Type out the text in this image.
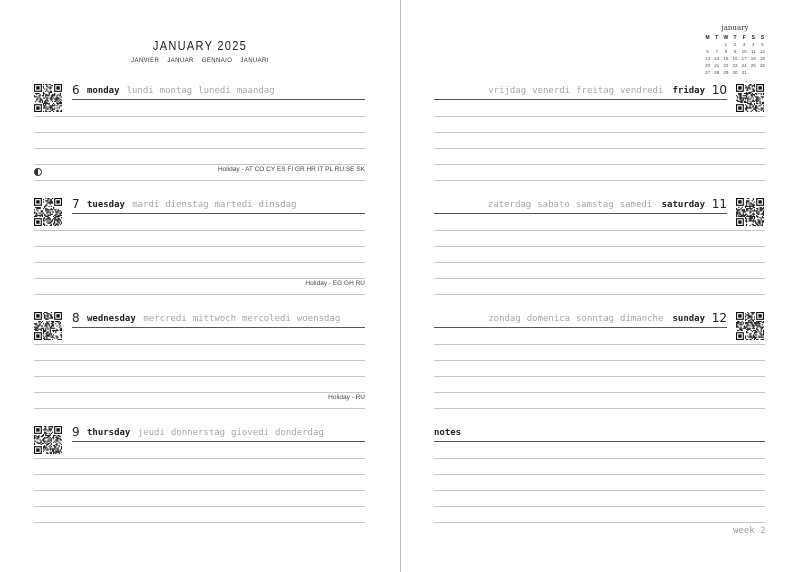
JANUARY 2025
JANVIER JANUAR GENNAIO JANUARI
6 monday lundi montag lunedi maandag
Holiday - AT CO CY ES FI GR HR IT PL RU SE SK
7 tuesday mardi dienstag martedi dinsdag
Holiday - EG GH RU
8 wednesday mercredi mittwoch mercoledi woensdag
Holiday - RU
9 thursday jeudi donnerstag giovedi donderdag
10
friday
vrijdag venerdi freitag vendredi
11
saturday
zaterdag sabato samstag samedi
12
sunday
zondag domenica sonntag dimanche
january
M	T	W	T	F	S	S
		1	2	3	4	5
6	7	8	9	10	11	12
13	14	15	16	17	18	19
20	21	22	23	24	25	26
27	28	29	30	31		
notes
week 2
